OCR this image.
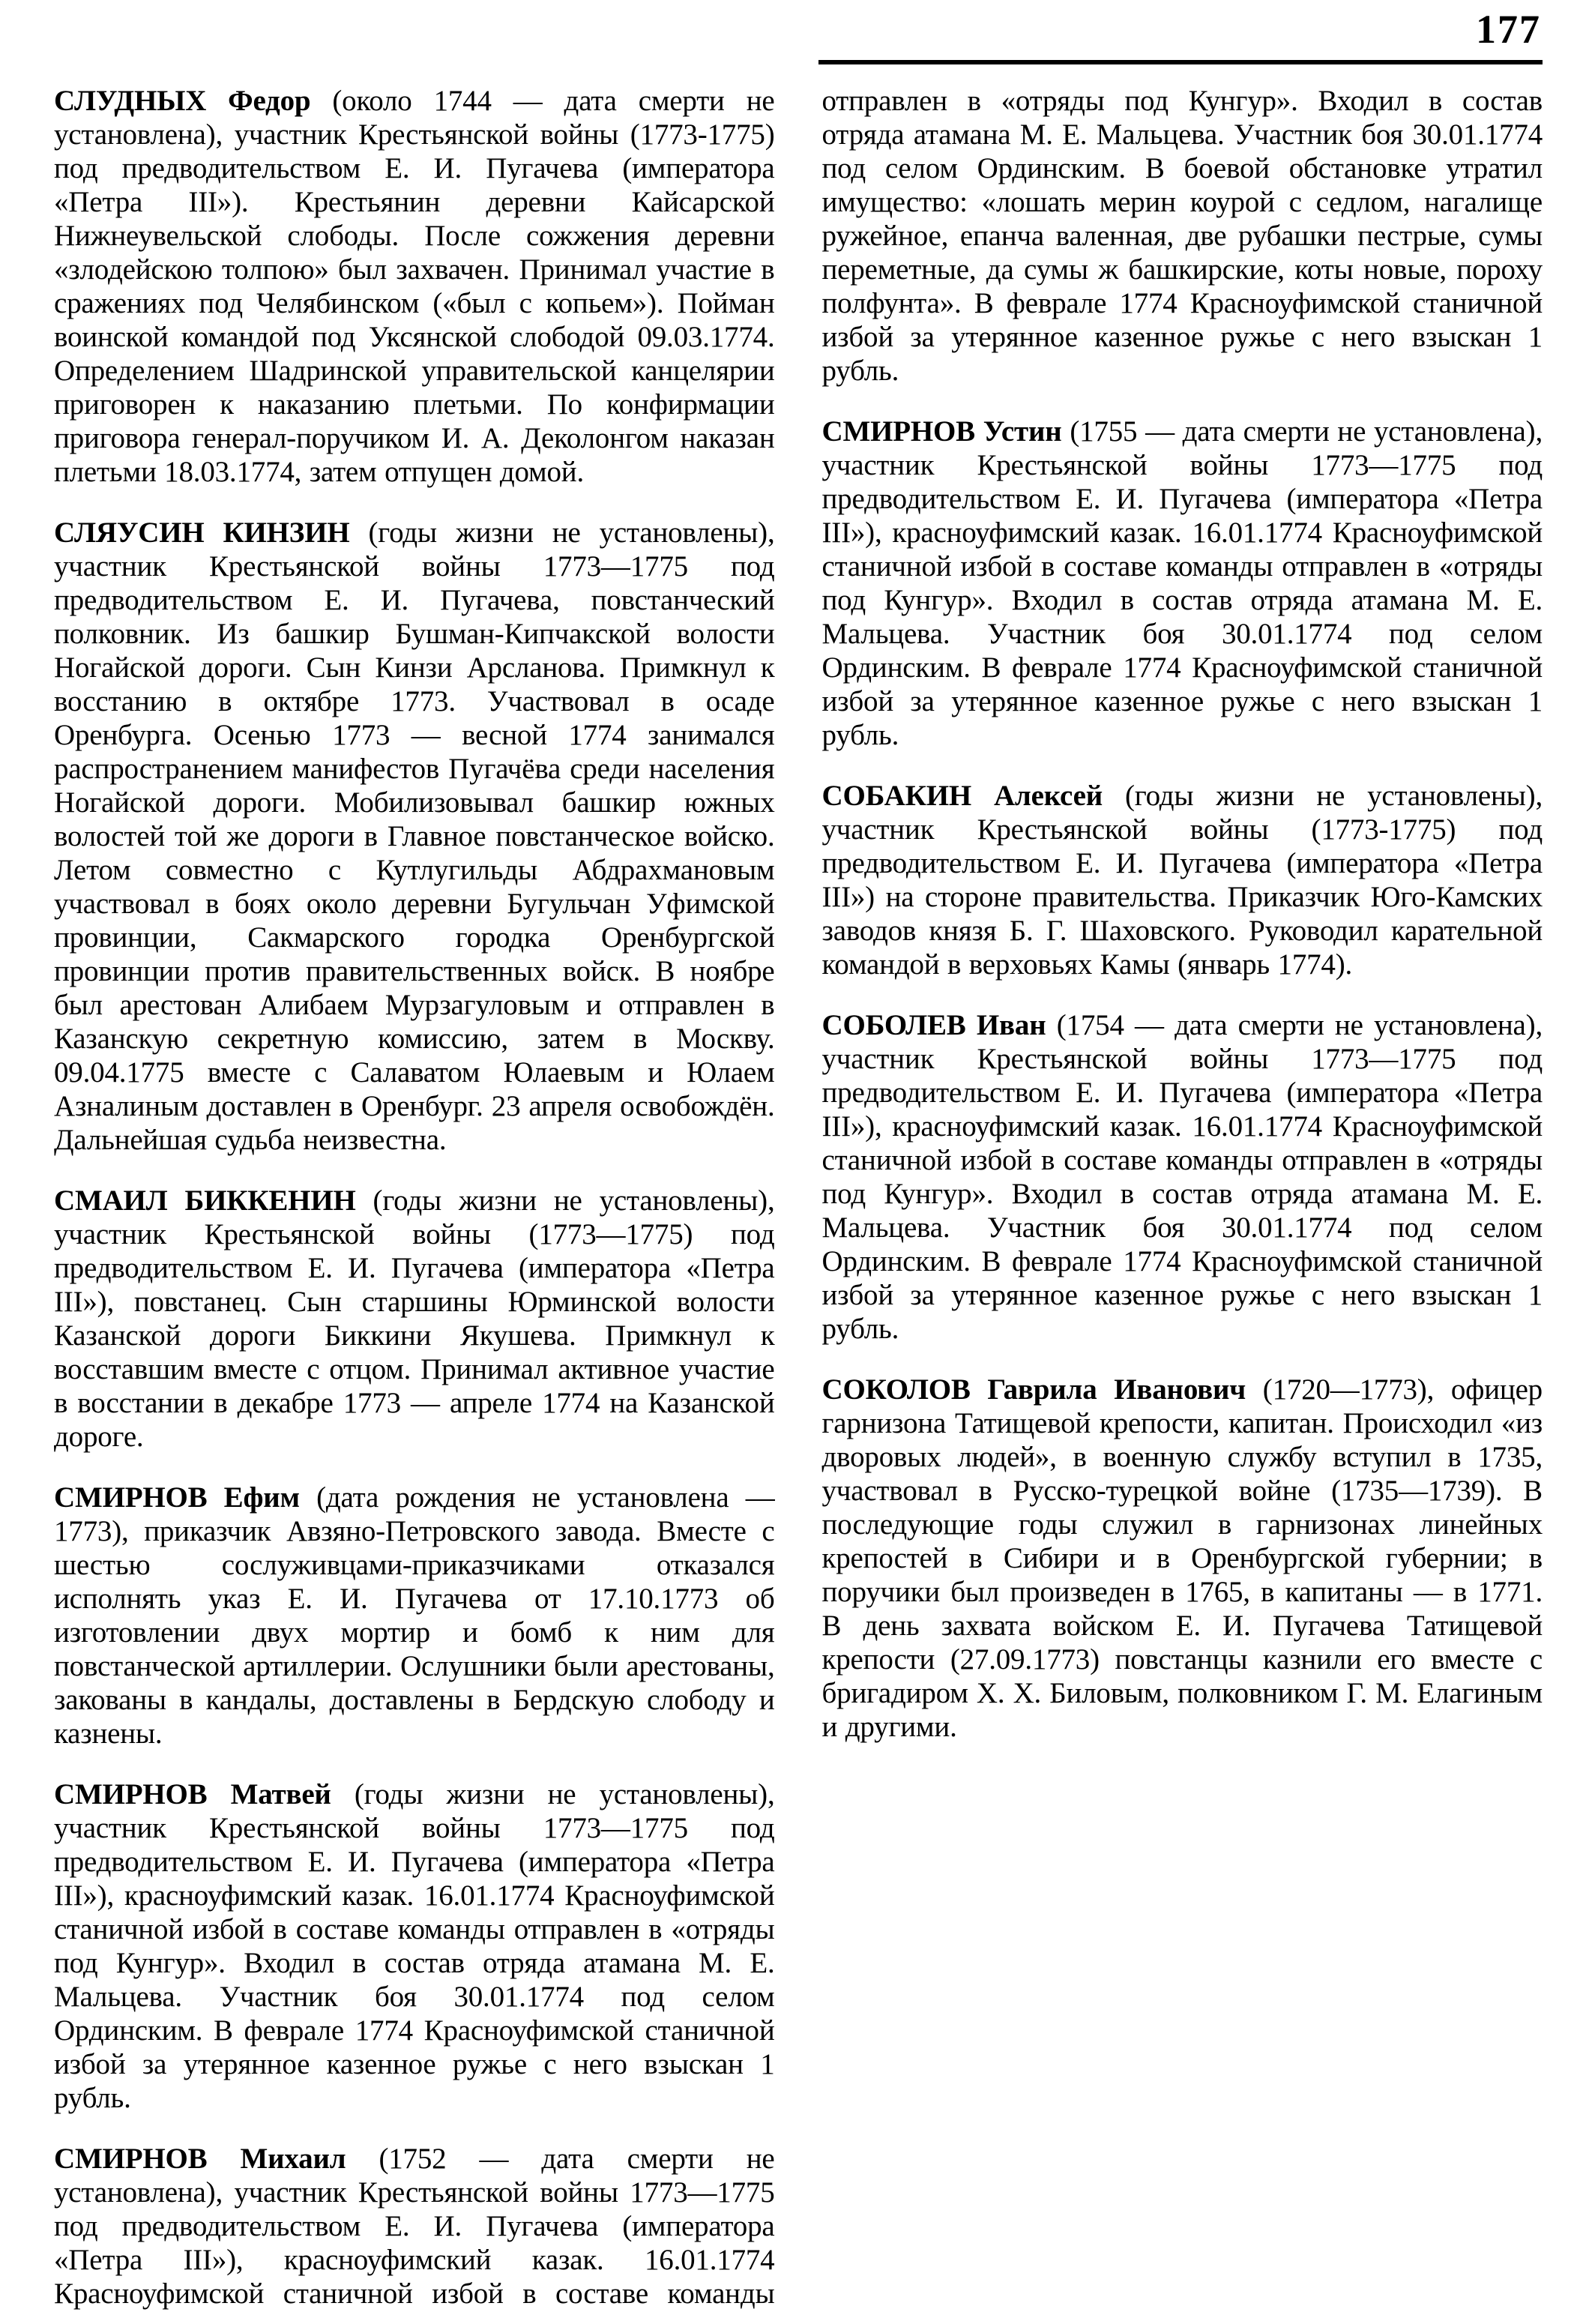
177

СЛУДНЫХ Федор (около 1744 — дата смерти не установлена), участник Крестьянской войны (1773-1775) под предводительством Е. И. Пугачева (императора «Петра III»). Крестьянин деревни Кайсарской Нижнеувельской слободы. После сожжения деревни «злодейскою толпою» был захвачен. Принимал участие в сражениях под Челябинском («был с копьем»). Пойман воинской командой под Уксянской слободой 09.03.1774. Определением Шадринской управительской канцелярии приговорен к наказанию плетьми. По конфирмации приговора генерал-поручиком И. А. Деколонгом наказан плетьми 18.03.1774, затем отпущен домой.

СЛЯУСИН КИНЗИН (годы жизни не установлены), участник Крестьянской войны 1773—1775 под предводительством Е. И. Пугачева, повстанческий полковник. Из башкир Бушман-Кипчакской волости Ногайской дороги. Сын Кинзи Арсланова. Примкнул к восстанию в октябре 1773. Участвовал в осаде Оренбурга. Осенью 1773 — весной 1774 занимался распространением манифестов Пугачёва среди населения Ногайской дороги. Мобилизовывал башкир южных волостей той же дороги в Главное повстанческое войско. Летом совместно с Кутлугильды Абдрахмановым участвовал в боях около деревни Бугульчан Уфимской провинции, Сакмарского городка Оренбургской провинции против правительственных войск. В ноябре был арестован Алибаем Мурзагуловым и отправлен в Казанскую секретную комиссию, затем в Москву. 09.04.1775 вместе с Салаватом Юлаевым и Юлаем Азналиным доставлен в Оренбург. 23 апреля освобождён. Дальнейшая судьба неизвестна.

СМАИЛ БИККЕНИН (годы жизни не установлены), участник Крестьянской войны (1773—1775) под предводительством Е. И. Пугачева (императора «Петра III»), повстанец. Сын старшины Юрминской волости Казанской дороги Биккини Якушева. Примкнул к восставшим вместе с отцом. Принимал активное участие в восстании в декабре 1773 — апреле 1774 на Казанской дороге.

СМИРНОВ Ефим (дата рождения не установлена — 1773), приказчик Авзяно-Петровского завода. Вместе с шестью сослуживцами-приказчиками отказался исполнять указ Е. И. Пугачева от 17.10.1773 об изготовлении двух мортир и бомб к ним для повстанческой артиллерии. Ослушники были арестованы, закованы в кандалы, доставлены в Бердскую слободу и казнены.

СМИРНОВ Матвей (годы жизни не установлены), участник Крестьянской войны 1773—1775 под предводительством Е. И. Пугачева (императора «Петра III»), красноуфимский казак. 16.01.1774 Красноуфимской станичной избой в составе команды отправлен в «отряды под Кунгур». Входил в состав отряда атамана М. Е. Мальцева. Участник боя 30.01.1774 под селом Ординским. В феврале 1774 Красноуфимской станичной избой за утерянное казенное ружье с него взыскан 1 рубль.

СМИРНОВ Михаил (1752 — дата смерти не установлена), участник Крестьянской войны 1773—1775 под предводительством Е. И. Пугачева (императора «Петра III»), красноуфимский казак. 16.01.1774 Красноуфимской станичной избой в составе команды отправлен в «отряды под Кунгур». Входил в состав отряда атамана М. Е. Мальцева. Участник боя 30.01.1774 под селом Ординским. В боевой обстановке утратил имущество: «лошать мерин коурой с седлом, нагалище ружейное, епанча валенная, две рубашки пестрые, сумы переметные, да сумы ж башкирские, коты новые, пороху полфунта». В феврале 1774 Красноуфимской станичной избой за утерянное казенное ружье с него взыскан 1 рубль.

СМИРНОВ Устин (1755 — дата смерти не установлена), участник Крестьянской войны 1773—1775 под предводительством Е. И. Пугачева (императора «Петра III»), красноуфимский казак. 16.01.1774 Красноуфимской станичной избой в составе команды отправлен в «отряды под Кунгур». Входил в состав отряда атамана М. Е. Мальцева. Участник боя 30.01.1774 под селом Ординским. В феврале 1774 Красноуфимской станичной избой за утерянное казенное ружье с него взыскан 1 рубль.

СОБАКИН Алексей (годы жизни не установлены), участник Крестьянской войны (1773-1775) под предводительством Е. И. Пугачева (императора «Петра III») на стороне правительства. Приказчик Юго-Камских заводов князя Б. Г. Шаховского. Руководил карательной командой в верховьях Камы (январь 1774).

СОБОЛЕВ Иван (1754 — дата смерти не установлена), участник Крестьянской войны 1773—1775 под предводительством Е. И. Пугачева (императора «Петра III»), красноуфимский казак. 16.01.1774 Красноуфимской станичной избой в составе команды отправлен в «отряды под Кунгур». Входил в состав отряда атамана М. Е. Мальцева. Участник боя 30.01.1774 под селом Ординским. В феврале 1774 Красноуфимской станичной избой за утерянное казенное ружье с него взыскан 1 рубль.

СОКОЛОВ Гаврила Иванович (1720—1773), офицер гарнизона Татищевой крепости, капитан. Происходил «из дворовых людей», в военную службу вступил в 1735, участвовал в Русско-турецкой войне (1735—1739). В последующие годы служил в гарнизонах линейных крепостей в Сибири и в Оренбургской губернии; в поручики был произведен в 1765, в капитаны — в 1771. В день захвата войском Е. И. Пугачева Татищевой крепости (27.09.1773) повстанцы казнили его вместе с бригадиром Х. Х. Биловым, полковником Г. М. Елагиным и другими.
